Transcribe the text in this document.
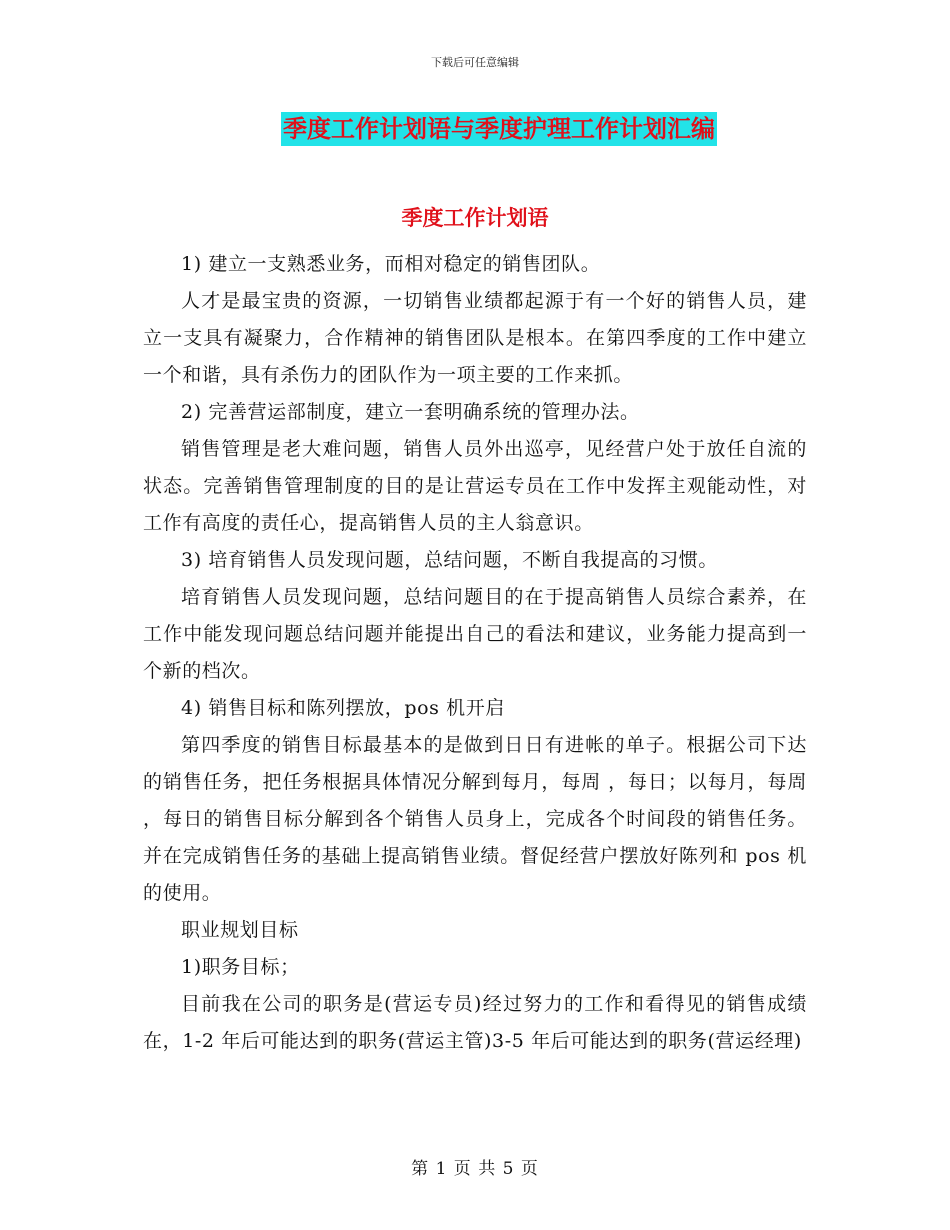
下载后可任意编辑
季度工作计划语与季度护理工作计划汇编
季度工作计划语

1) 建立一支熟悉业务，而相对稳定的销售团队。

人才是最宝贵的资源，一切销售业绩都起源于有一个好的销售人员，建立一支具有凝聚力，合作精神的销售团队是根本。在第四季度的工作中建立一个和谐，具有杀伤力的团队作为一项主要的工作来抓。

2) 完善营运部制度，建立一套明确系统的管理办法。

销售管理是老大难问题，销售人员外出巡亭，见经营户处于放任自流的状态。完善销售管理制度的目的是让营运专员在工作中发挥主观能动性，对工作有高度的责任心，提高销售人员的主人翁意识。

3) 培育销售人员发现问题，总结问题，不断自我提高的习惯。

培育销售人员发现问题，总结问题目的在于提高销售人员综合素养，在工作中能发现问题总结问题并能提出自己的看法和建议，业务能力提高到一个新的档次。

4) 销售目标和陈列摆放，pos 机开启

第四季度的销售目标最基本的是做到日日有进帐的单子。根据公司下达的销售任务，把任务根据具体情况分解到每月，每周 ，每日；以每月，每周 ，每日的销售目标分解到各个销售人员身上，完成各个时间段的销售任务。并在完成销售任务的基础上提高销售业绩。督促经营户摆放好陈列和 pos 机的使用。

职业规划目标

1)职务目标；

目前我在公司的职务是(营运专员)经过努力的工作和看得见的销售成绩在，1-2 年后可能达到的职务(营运主管)3-5 年后可能达到的职务(营运经理)

第 1 页 共 5 页
